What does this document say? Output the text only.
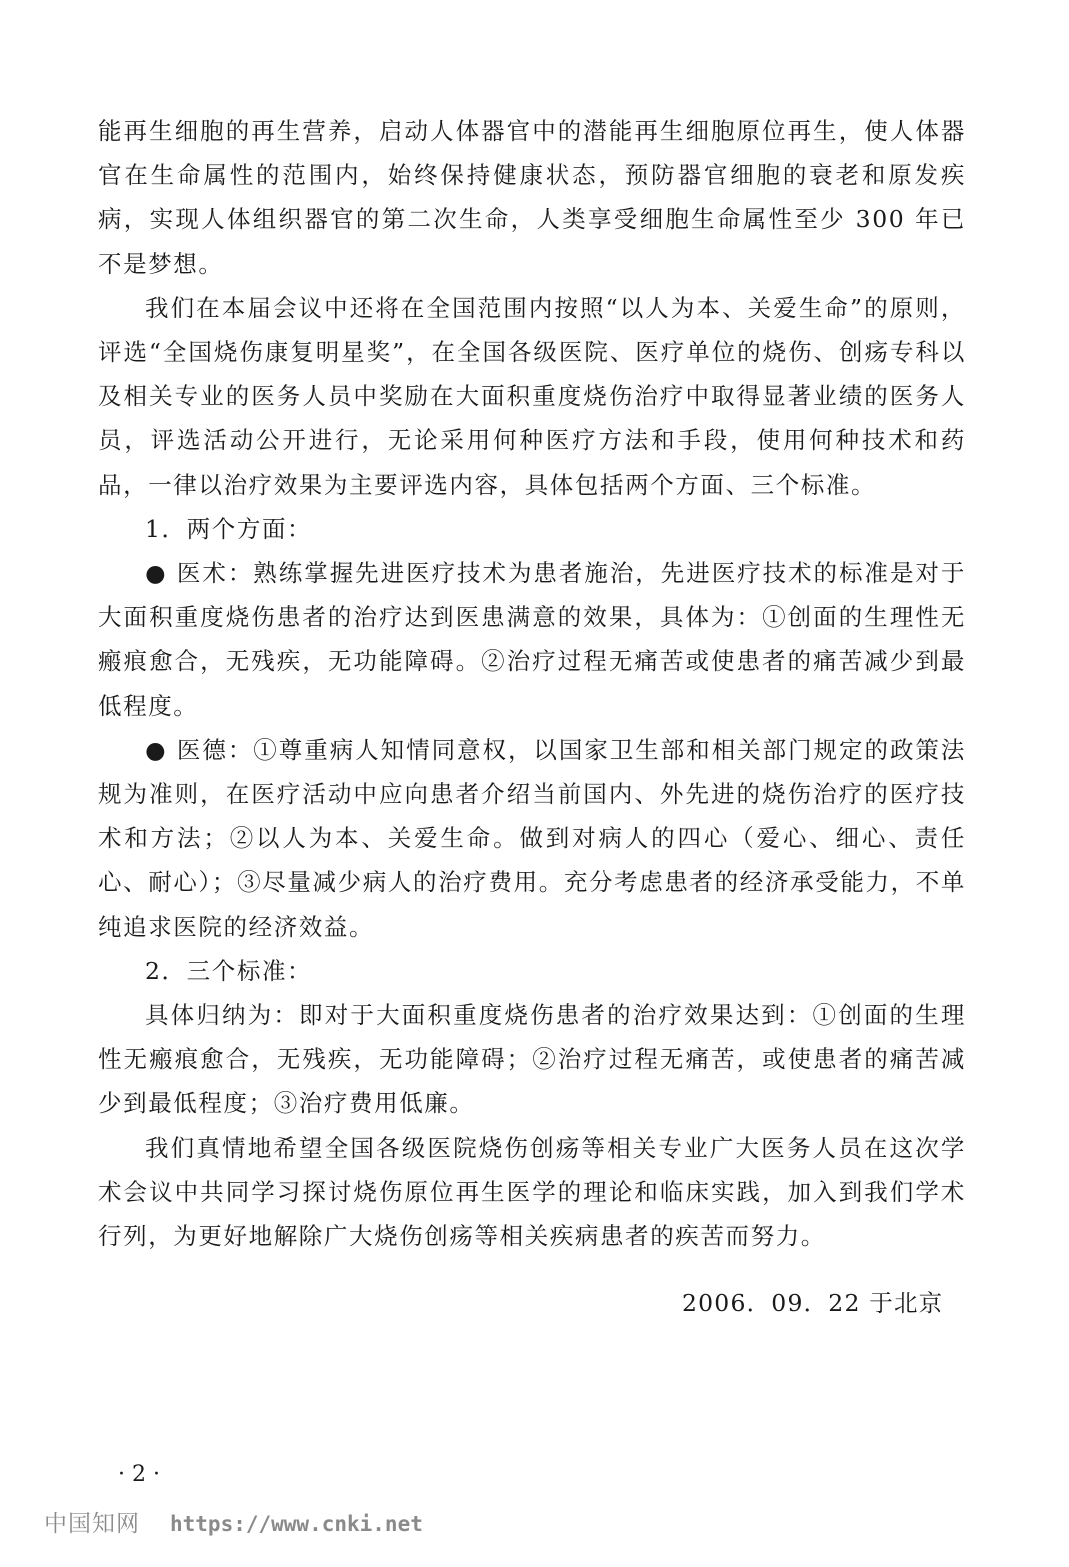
能再生细胞的再生营养，启动人体器官中的潜能再生细胞原位再生，使人体器官在生命属性的范围内，始终保持健康状态，预防器官细胞的衰老和原发疾病，实现人体组织器官的第二次生命，人类享受细胞生命属性至少 300 年已不是梦想。

我们在本届会议中还将在全国范围内按照“以人为本、关爱生命”的原则，评选“全国烧伤康复明星奖”，在全国各级医院、医疗单位的烧伤、创疡专科以及相关专业的医务人员中奖励在大面积重度烧伤治疗中取得显著业绩的医务人员，评选活动公开进行，无论采用何种医疗方法和手段，使用何种技术和药品，一律以治疗效果为主要评选内容，具体包括两个方面、三个标准。

1．两个方面：

● 医术：熟练掌握先进医疗技术为患者施治，先进医疗技术的标准是对于大面积重度烧伤患者的治疗达到医患满意的效果，具体为：①创面的生理性无瘢痕愈合，无残疾，无功能障碍。②治疗过程无痛苦或使患者的痛苦减少到最低程度。

● 医德：①尊重病人知情同意权，以国家卫生部和相关部门规定的政策法规为准则，在医疗活动中应向患者介绍当前国内、外先进的烧伤治疗的医疗技术和方法；②以人为本、关爱生命。做到对病人的四心（爱心、细心、责任心、耐心）；③尽量减少病人的治疗费用。充分考虑患者的经济承受能力，不单纯追求医院的经济效益。

2．三个标准：

具体归纳为：即对于大面积重度烧伤患者的治疗效果达到：①创面的生理性无瘢痕愈合，无残疾，无功能障碍；②治疗过程无痛苦，或使患者的痛苦减少到最低程度；③治疗费用低廉。

我们真情地希望全国各级医院烧伤创疡等相关专业广大医务人员在这次学术会议中共同学习探讨烧伤原位再生医学的理论和临床实践，加入到我们学术行列，为更好地解除广大烧伤创疡等相关疾病患者的疾苦而努力。

2006．09．22 于北京
· 2 ·
中国知网 https://www.cnki.net
